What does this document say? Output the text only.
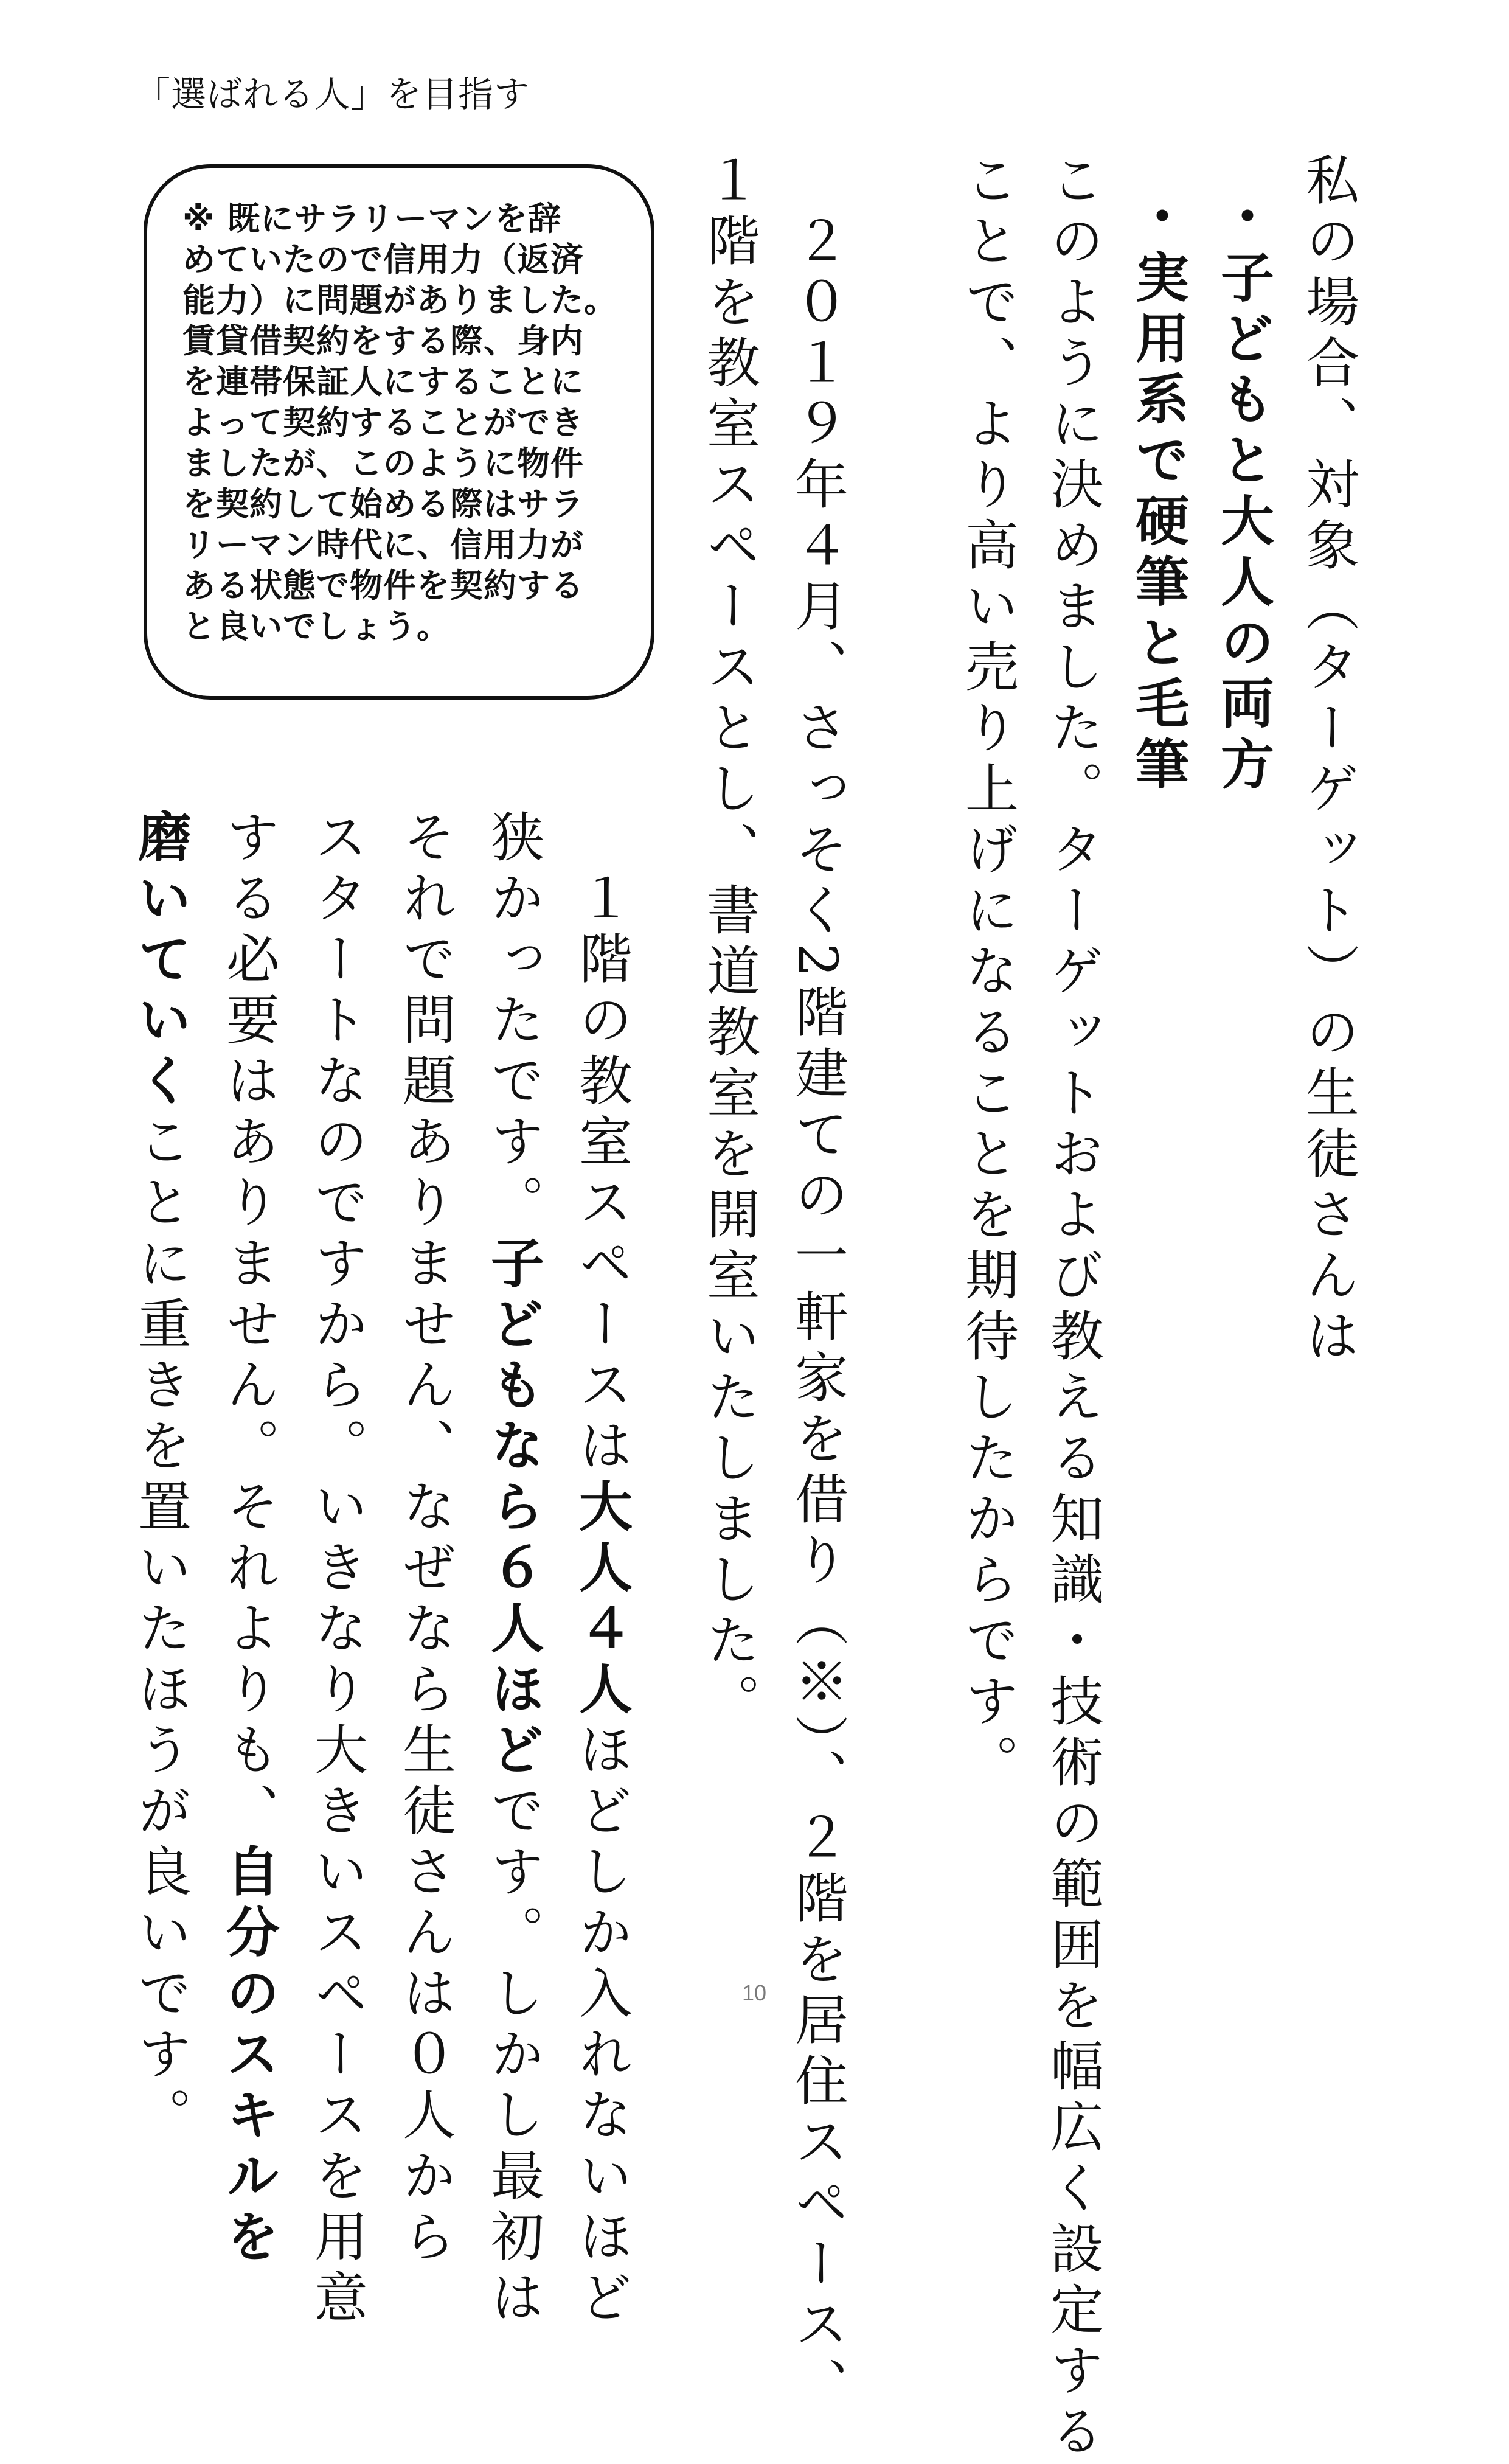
「選ばれる人」を目指す
私の場合、対象（ターゲット）の生徒さんは
・子どもと大人の両方
・実用系で硬筆と毛筆
このように決めました。ターゲットおよび教える知識・技術の範囲を幅広く設定する
ことで、より高い売り上げになることを期待したからです。
　２０１９年４月、さっそく2階建ての一軒家を借り（※）、２階を居住スペース、
１階を教室スペースとし、書道教室を開室いたしました。
　１階の教室スペースは大人４人ほどしか入れないほど
狭かったです。子どもなら６人ほどです。しかし最初は
それで問題ありません、なぜなら生徒さんは０人から
スタートなのですから。いきなり大きいスペースを用意
する必要はありません。それよりも、自分のスキルを
磨いていくことに重きを置いたほうが良いです。
※ 既にサラリーマンを辞
めていたので信用力（返済
能力）に問題がありました。
賃貸借契約をする際、身内
を連帯保証人にすることに
よって契約することができ
ましたが、このように物件
を契約して始める際はサラ
リーマン時代に、信用力が
ある状態で物件を契約する
と良いでしょう。
10
